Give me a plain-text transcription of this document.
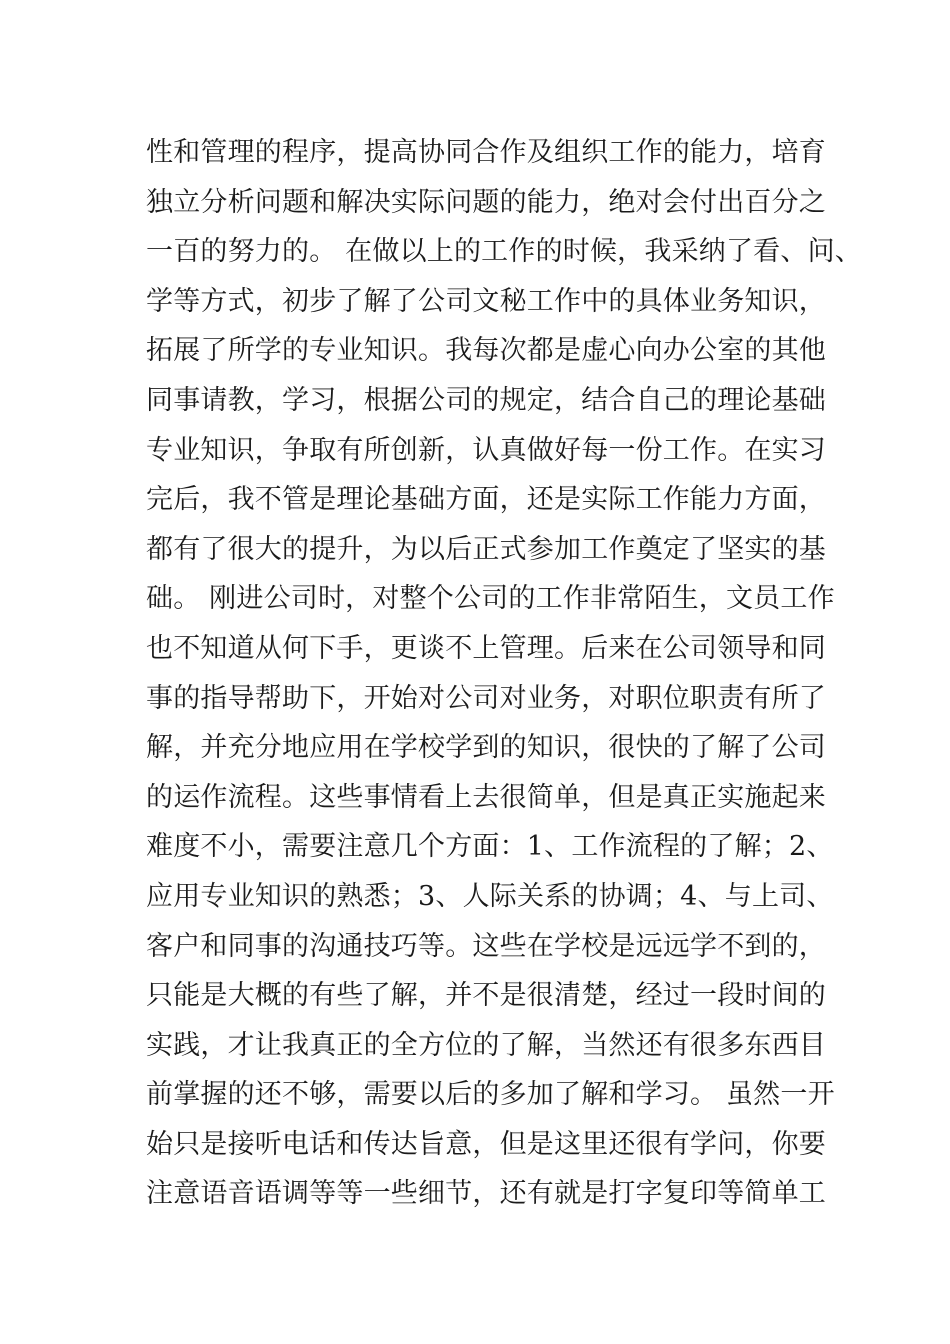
性和管理的程序，提高协同合作及组织工作的能力，培育
独立分析问题和解决实际问题的能力，绝对会付出百分之
一百的努力的。 在做以上的工作的时候，我采纳了看、问、
学等方式，初步了解了公司文秘工作中的具体业务知识，
拓展了所学的专业知识。我每次都是虚心向办公室的其他
同事请教，学习，根据公司的规定，结合自己的理论基础
专业知识，争取有所创新，认真做好每一份工作。在实习
完后，我不管是理论基础方面，还是实际工作能力方面，
都有了很大的提升，为以后正式参加工作奠定了坚实的基
础。 刚进公司时，对整个公司的工作非常陌生，文员工作
也不知道从何下手，更谈不上管理。后来在公司领导和同
事的指导帮助下，开始对公司对业务，对职位职责有所了
解，并充分地应用在学校学到的知识，很快的了解了公司
的运作流程。这些事情看上去很简单，但是真正实施起来
难度不小，需要注意几个方面：1、工作流程的了解；2、
应用专业知识的熟悉；3、人际关系的协调；4、与上司、
客户和同事的沟通技巧等。这些在学校是远远学不到的，
只能是大概的有些了解，并不是很清楚，经过一段时间的
实践，才让我真正的全方位的了解，当然还有很多东西目
前掌握的还不够，需要以后的多加了解和学习。 虽然一开
始只是接听电话和传达旨意，但是这里还很有学问，你要
注意语音语调等等一些细节，还有就是打字复印等简单工
